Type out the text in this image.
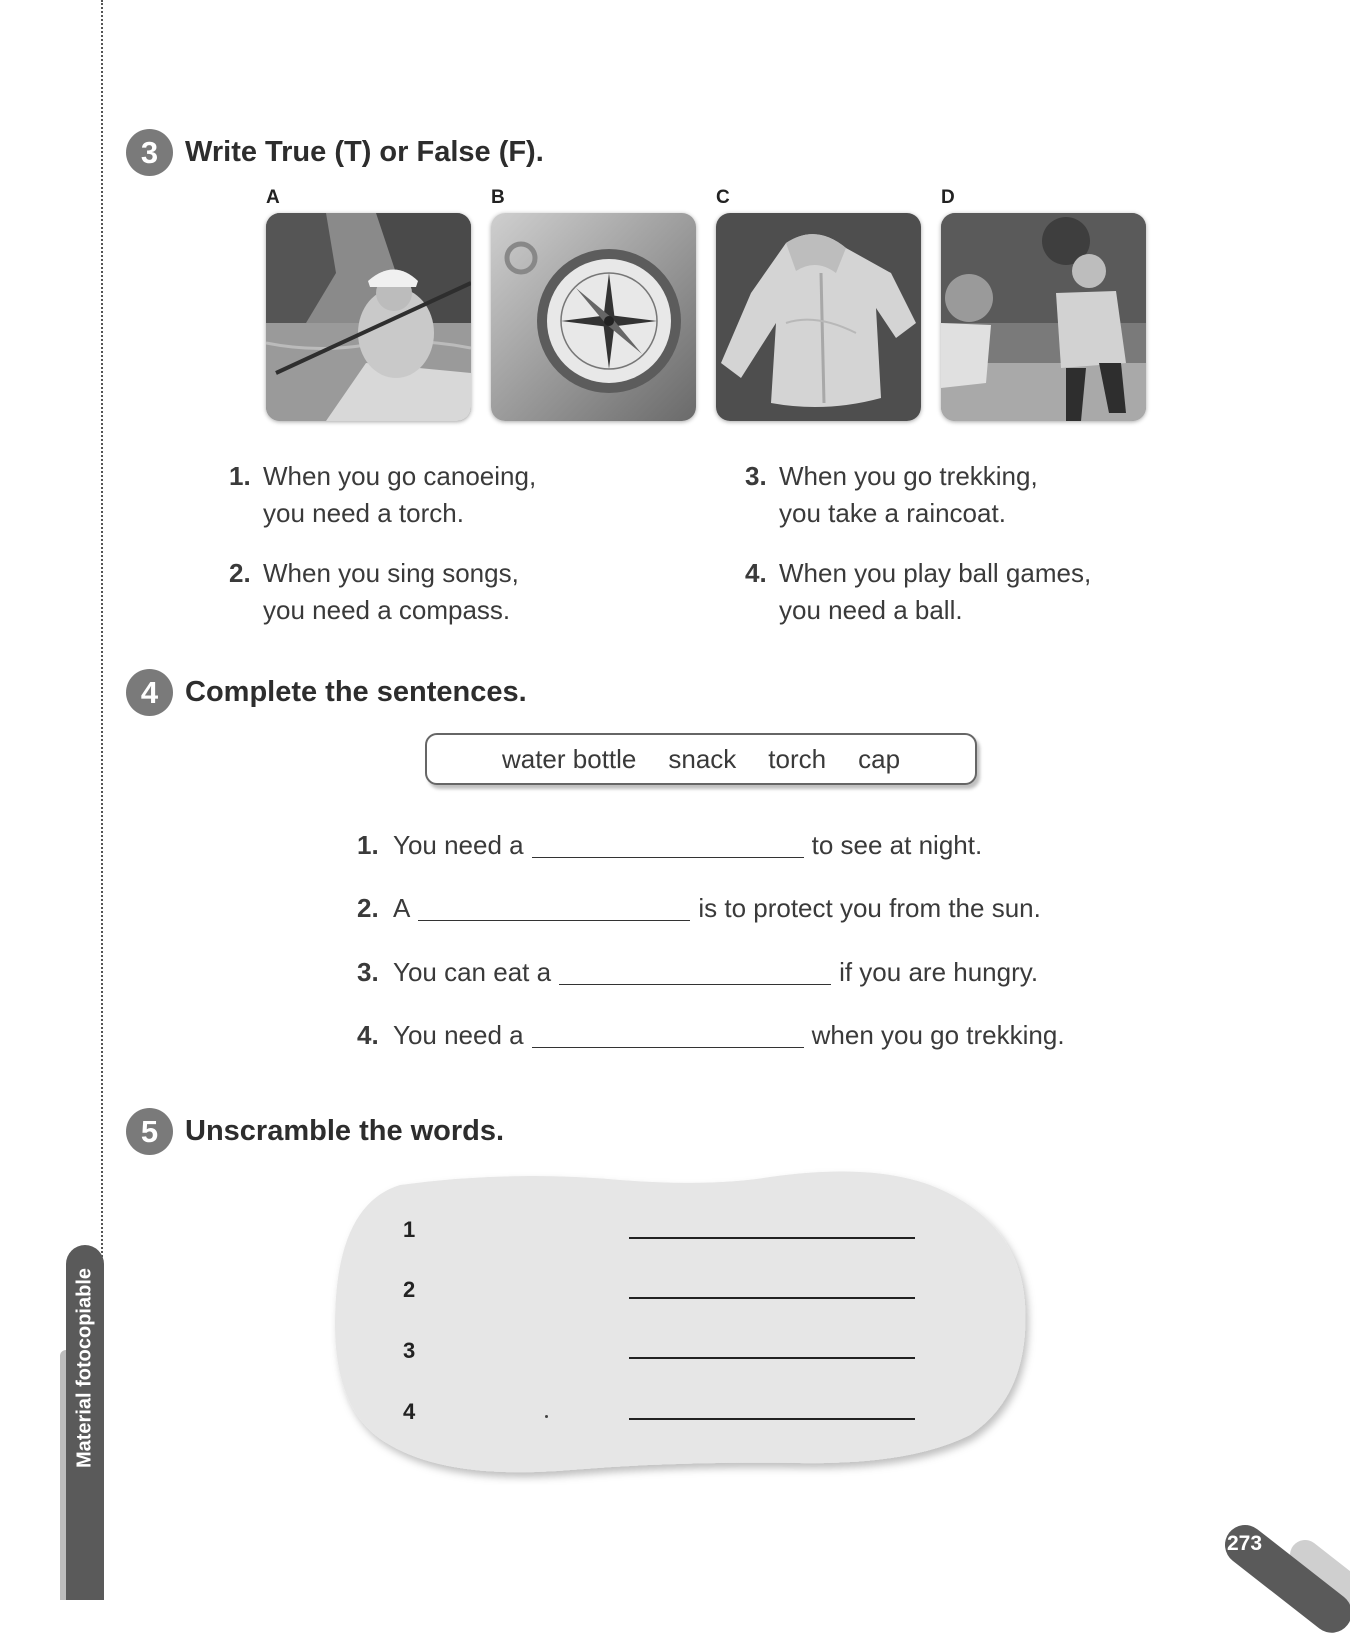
Material fotocopiable
3 Write True (T) or False (F).
A	B	C	D
1. When you go canoeing,
you need a torch.
2. When you sing songs,
you need a compass.
3. When you go trekking,
you take a raincoat.
4. When you play ball games,
you need a ball.
4 Complete the sentences.
water bottle snack torch cap
1. You need a	to see at night.
2. A	is to protect you from the sun.
3. You can eat a	if you are hungry.
4. You need a	when you go trekking.
5 Unscramble the words.
1
2
3
4
273
